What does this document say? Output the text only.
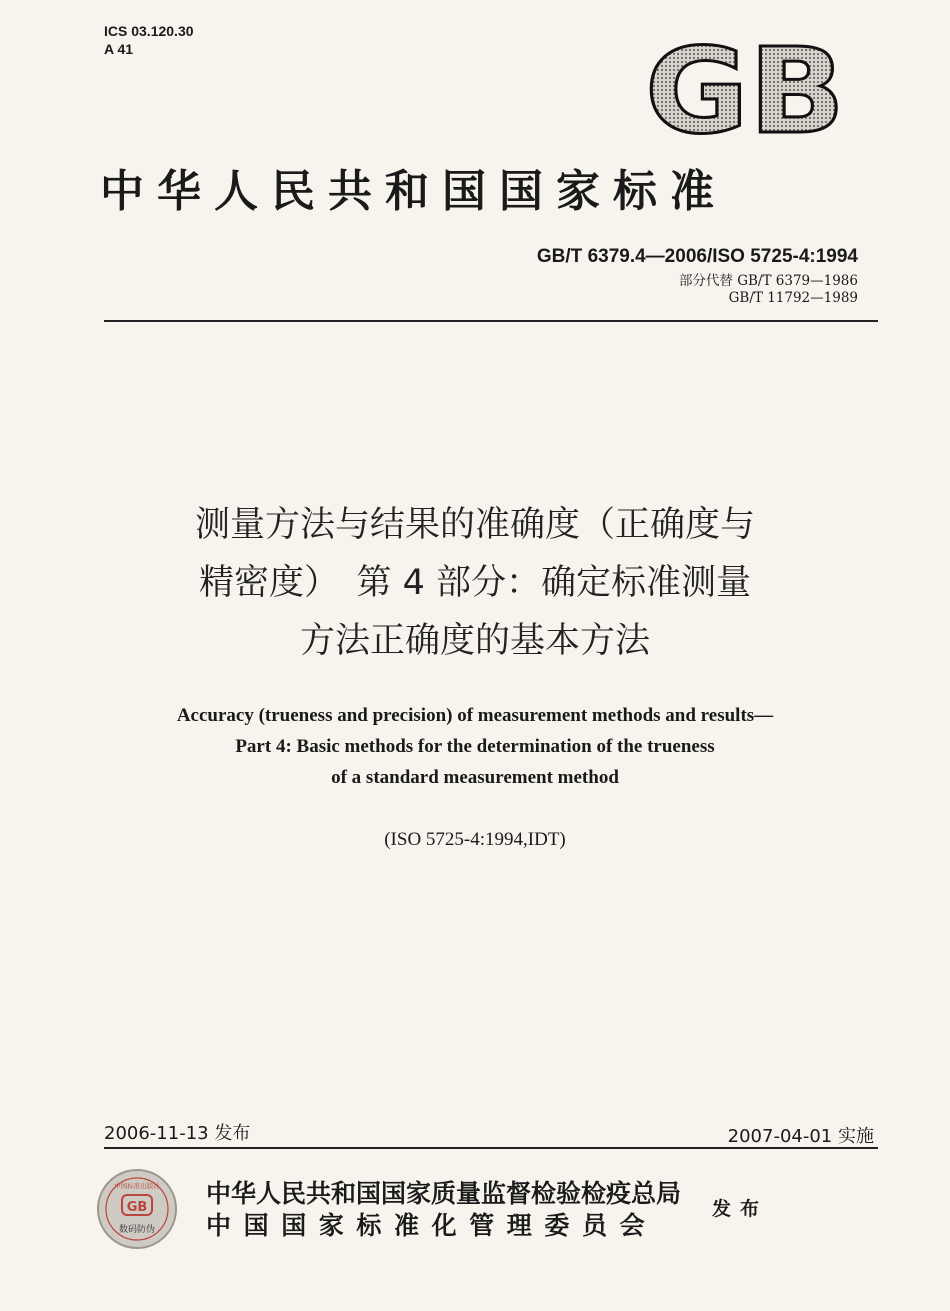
ICS 03.120.30
A 41	GB
中华人民共和国国家标准
GB/T 6379.4—2006/ISO 5725-4:1994
部分代替 GB/T 6379—1986
GB/T 11792—1989
测量方法与结果的准确度（正确度与
精密度）　第 4 部分：确定标准测量
方法正确度的基本方法
Accuracy (trueness and precision) of measurement methods and results—
Part 4: Basic methods for the determination of the trueness
of a standard measurement method
(ISO 5725-4:1994,IDT)
2006-11-13 发布	2007-04-01 实施
中国标准出版社
GB
数码防伪
中华人民共和国国家质量监督检验检疫总局
中国国家标准化管理委员会
发布
